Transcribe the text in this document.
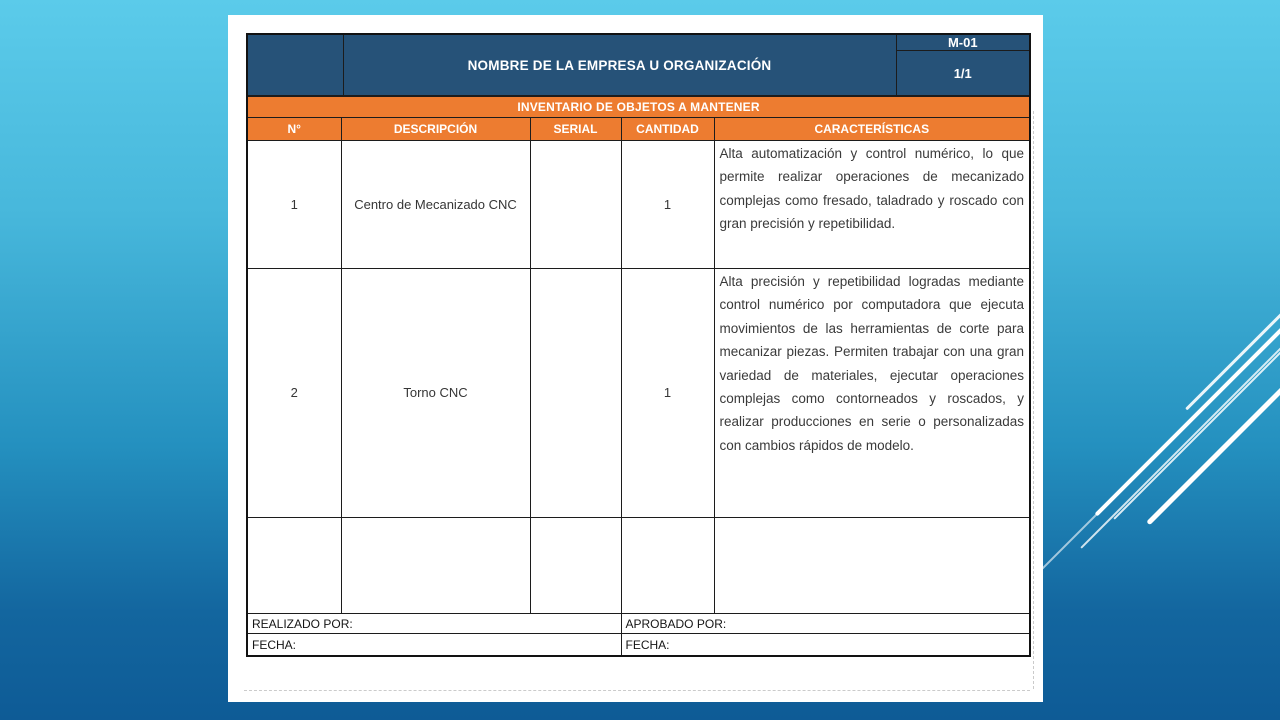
	NOMBRE DE LA EMPRESA U ORGANIZACIÓN	M-01
1/1
INVENTARIO DE OBJETOS A MANTENER				
N°	DESCRIPCIÓN	SERIAL	CANTIDAD	CARACTERÍSTICAS
1	Centro de Mecanizado CNC		1	Alta automatización y control numérico, lo que permite realizar operaciones de mecanizado complejas como fresado, taladrado y roscado con gran precisión y repetibilidad.
2	Torno CNC		1	Alta precisión y repetibilidad logradas mediante control numérico por computadora que ejecuta movimientos de las herramientas de corte para mecanizar piezas. Permiten trabajar con una gran variedad de materiales, ejecutar operaciones complejas como contorneados y roscados, y realizar producciones en serie o personalizadas con cambios rápidos de modelo.

REALIZADO POR:			APROBADO POR:	
FECHA:			FECHA:	
